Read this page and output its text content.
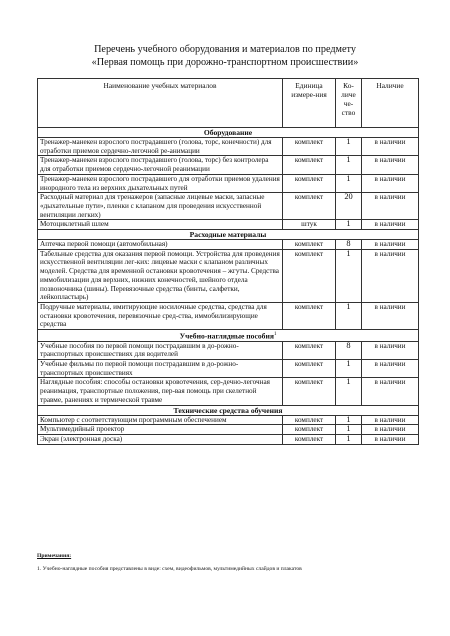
Перечень учебного оборудования и материалов по предмету
«Первая помощь при дорожно-транспортном происшествии»
Наименование учебных материалов	Единица измере-ния	Ко-личе че-ство	Наличие
Оборудование			
Тренажер-манекен взрослого пострадавшего (голова, торс, конечности) для отработки приемов сердечно-легочной ре-анимации	комплект	1	в наличии
Тренажер-манекен взрослого пострадавшего (голова, торс) без контролера для отработки приемов сердечно-легочной реанимации	комплект	1	в наличии
Тренажер-манекен взрослого пострадавшего для отработки приемов удаления инородного тела из верхних дыхательных путей	комплект	1	в наличии
Расходный материал для тренажеров (запасные лицевые маски, запасные «дыхательные пути», пленки с клапаном для проведения искусственной вентиляции легких)	комплект	20	в наличии
Мотоциклетный шлем	штук	1	в наличии
Расходные материалы			
Аптечка первой помощи (автомобильная)	комплект	8	в наличии
Табельные средства для оказания первой помощи. Устройства для проведения искусственной вентиляции лег-ких: лицевые маски с клапаном различных моделей. Средства для временной остановки кровотечения – жгуты. Средства иммобилизации для верхних, нижних конечностей, шейного отдела позвоночника (шины). Перевязочные средства (бинты, салфетки, лейкопластырь)	комплект	1	в наличии
Подручные материалы, имитирующие носилочные средства, средства для остановки кровотечения, перевязочные сред-ства, иммобилизирующие средства	комплект	1	в наличии
Учебно-наглядные пособия$^1$
Учебные пособия по первой помощи пострадавшим в до-рожно-транспортных происшествиях для водителей	комплект	8	в наличии
Учебные фильмы по первой помощи пострадавшим в до-рожно-транспортных происшествиях	комплект	1	в наличии
Наглядные пособия: способы остановки кровотечения, сер-дечно-легочная реанимация, транспортные положения, пер-вая помощь при скелетной травме, ранениях и термической травме	комплект	1	в наличии
Технические средства обучения			
Компьютер с соответствующим программным обеспечением	комплект	1	в наличии
Мультимедийный проектор	комплект	1	в наличии
Экран (электронная доска)	комплект	1	в наличии
Примечания:
1. Учебно-наглядные пособия представлены в виде: схем, видеофильмов, мультимедийных слайдов и плакатов
